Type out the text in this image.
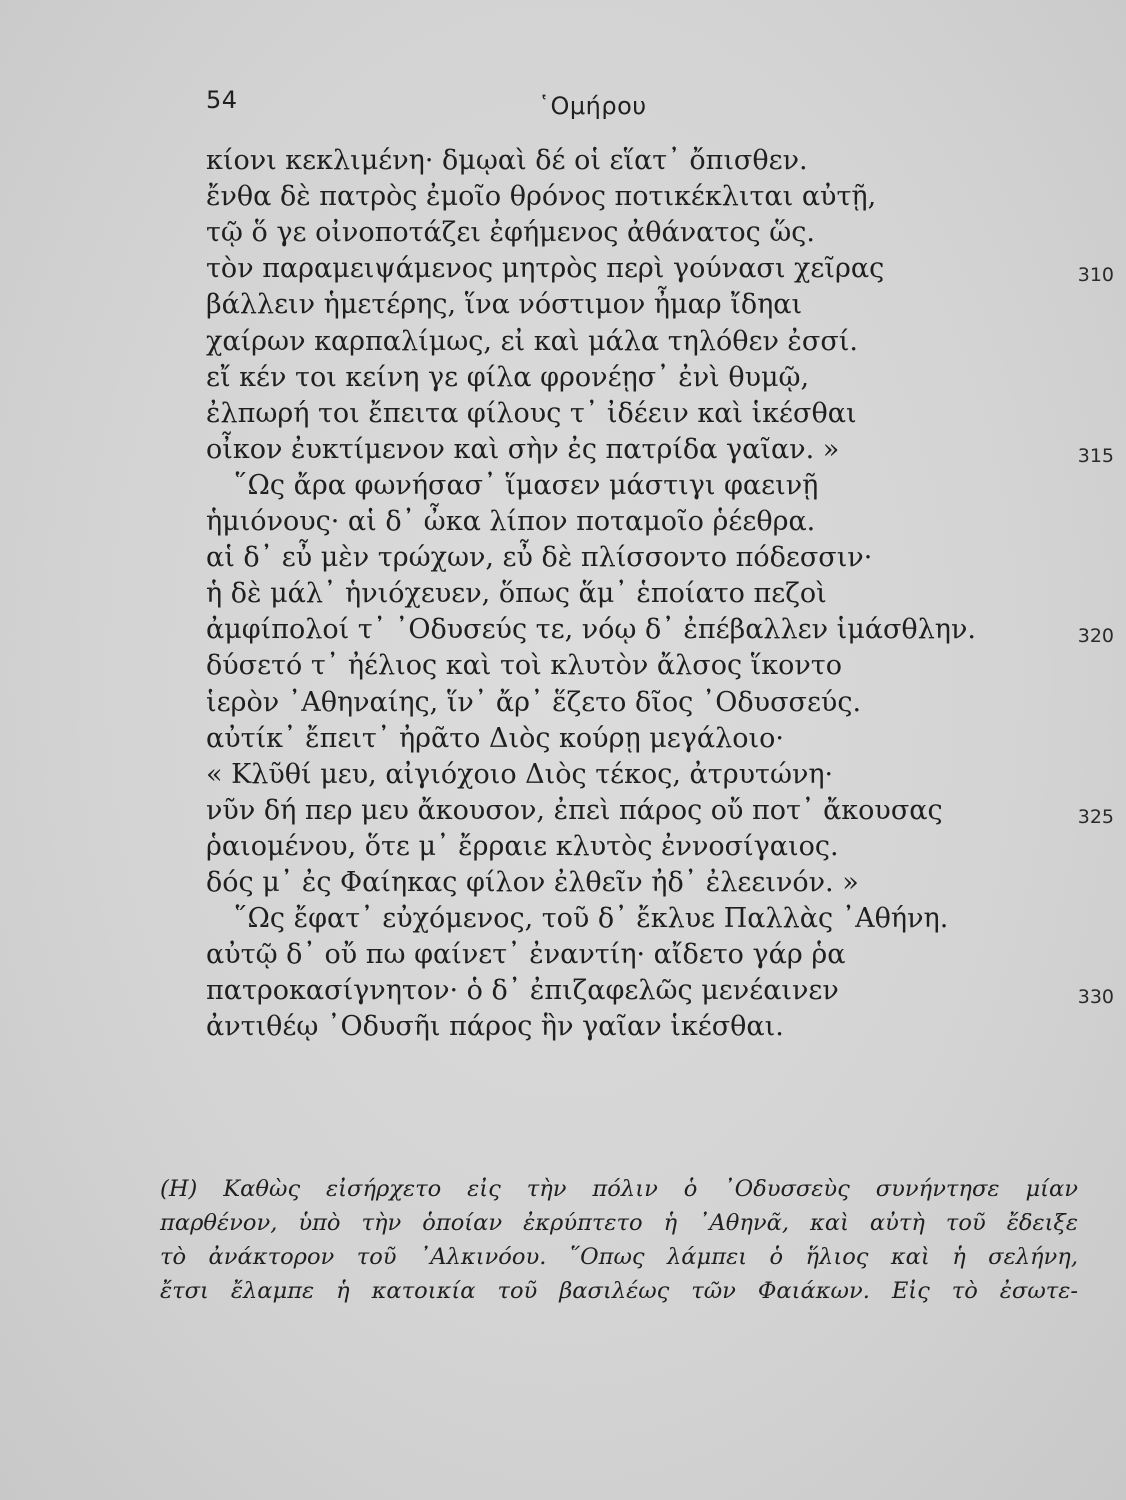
54	῾Ομήρου
κίονι κεκλιμένη· δμῳαὶ δέ οἱ εἵατ᾽ ὄπισθεν.
ἔνθα δὲ πατρὸς ἐμοῖο θρόνος ποτικέκλιται αὐτῇ,
τῷ ὅ γε οἰνοποτάζει ἐφήμενος ἀθάνατος ὥς.
τὸν παραμειψάμενος μητρὸς περὶ γούνασι χεῖρας	310
βάλλειν ἡμετέρης, ἵνα νόστιμον ἦμαρ ἴδηαι
χαίρων καρπαλίμως, εἰ καὶ μάλα τηλόθεν ἐσσί.
εἴ κέν τοι κείνη γε φίλα φρονέῃσ᾽ ἐνὶ θυμῷ,
ἐλπωρή τοι ἔπειτα φίλους τ᾽ ἰδέειν καὶ ἱκέσθαι
οἶκον ἐυκτίμενον καὶ σὴν ἐς πατρίδα γαῖαν. »	315
῞Ως ἄρα φωνήσασ᾽ ἵμασεν μάστιγι φαεινῇ
ἡμιόνους· αἱ δ᾽ ὦκα λίπον ποταμοῖο ῥέεθρα.
αἱ δ᾽ εὖ μὲν τρώχων, εὖ δὲ πλίσσοντο πόδεσσιν·
ἡ δὲ μάλ᾽ ἡνιόχευεν, ὅπως ἅμ᾽ ἑποίατο πεζοὶ
ἀμφίπολοί τ᾽ ᾿Οδυσεύς τε, νόῳ δ᾽ ἐπέβαλλεν ἱμάσθλην.	320
δύσετό τ᾽ ἠέλιος καὶ τοὶ κλυτὸν ἄλσος ἵκοντο
ἱερὸν ᾿Αθηναίης, ἵν᾽ ἄρ᾽ ἕζετο δῖος ᾿Οδυσσεύς.
αὐτίκ᾽ ἔπειτ᾽ ἠρᾶτο Διὸς κούρῃ μεγάλοιο·
« Κλῦθί μευ, αἰγιόχοιο Διὸς τέκος, ἀτρυτώνη·
νῦν δή περ μευ ἄκουσον, ἐπεὶ πάρος οὔ ποτ᾽ ἄκουσας	325
ῥαιομένου, ὅτε μ᾽ ἔρραιε κλυτὸς ἐννοσίγαιος.
δός μ᾽ ἐς Φαίηκας φίλον ἐλθεῖν ἠδ᾽ ἐλεεινόν. »
῞Ως ἔφατ᾽ εὐχόμενος, τοῦ δ᾽ ἔκλυε Παλλὰς ᾿Αθήνη.
αὐτῷ δ᾽ οὔ πω φαίνετ᾽ ἐναντίη· αἴδετο γάρ ῥα
πατροκασίγνητον· ὁ δ᾽ ἐπιζαφελῶς μενέαινεν	330
ἀντιθέῳ ᾿Οδυσῆι πάρος ἣν γαῖαν ἱκέσθαι.
(Η) Καθὼς εἰσήρχετο εἰς τὴν πόλιν ὁ ᾿Οδυσσεὺς συνήντησε μίαν
παρθένον, ὑπὸ τὴν ὁποίαν ἐκρύπτετο ἡ ᾿Αθηνᾶ, καὶ αὐτὴ τοῦ ἔδειξε
τὸ ἀνάκτορον τοῦ ᾿Αλκινόου. ῞Οπως λάμπει ὁ ἥλιος καὶ ἡ σελήνη,
ἔτσι ἔλαμπε ἡ κατοικία τοῦ βασιλέως τῶν Φαιάκων. Εἰς τὸ ἐσωτε-
